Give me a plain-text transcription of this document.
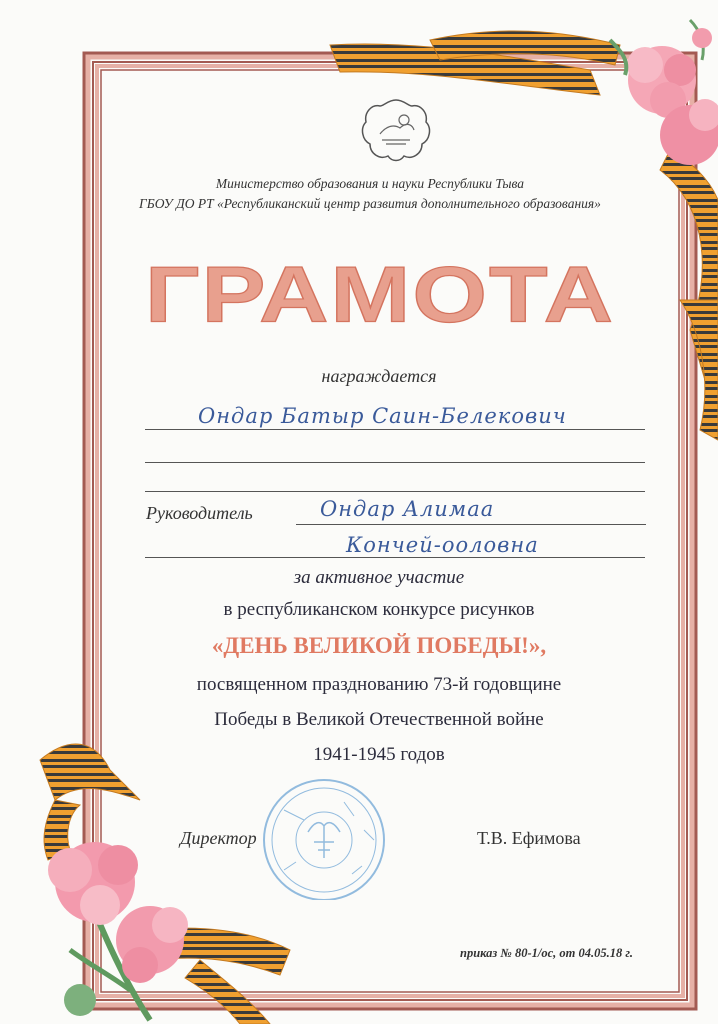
Министерство образования и науки Республики Тыва
ГБОУ ДО РТ «Республиканский центр развития дополнительного образования»
ГРАМОТА
награждается
Ондар Батыр Саин-Белекович
Руководитель	Ондар Алимаа
Кончей-ооловна
за активное участие
в республиканском конкурсе рисунков
«ДЕНЬ ВЕЛИКОЙ ПОБЕДЫ!»,
посвященном празднованию 73-й годовщине
Победы в Великой Отечественной войне
1941-1945 годов
Директор	Т.В. Ефимова
приказ № 80-1/ос, от 04.05.18 г.
